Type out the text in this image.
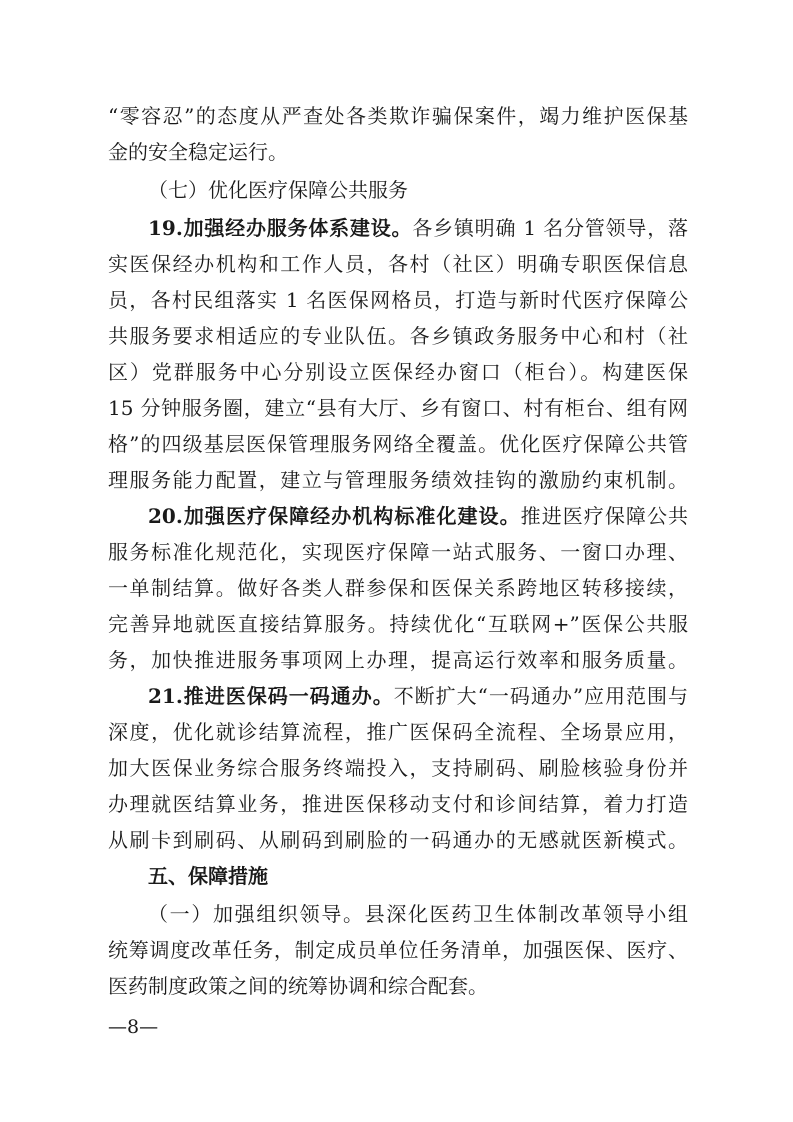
“零容忍”的态度从严查处各类欺诈骗保案件，竭力维护医保基
金的安全稳定运行。
（七）优化医疗保障公共服务
19.加强经办服务体系建设。各乡镇明确 1 名分管领导，落
实医保经办机构和工作人员，各村（社区）明确专职医保信息
员，各村民组落实 1 名医保网格员，打造与新时代医疗保障公
共服务要求相适应的专业队伍。各乡镇政务服务中心和村（社
区）党群服务中心分别设立医保经办窗口（柜台）。构建医保
15 分钟服务圈，建立“县有大厅、乡有窗口、村有柜台、组有网
格”的四级基层医保管理服务网络全覆盖。优化医疗保障公共管
理服务能力配置，建立与管理服务绩效挂钩的激励约束机制。
20.加强医疗保障经办机构标准化建设。推进医疗保障公共
服务标准化规范化，实现医疗保障一站式服务、一窗口办理、
一单制结算。做好各类人群参保和医保关系跨地区转移接续，
完善异地就医直接结算服务。持续优化“互联网+”医保公共服
务，加快推进服务事项网上办理，提高运行效率和服务质量。
21.推进医保码一码通办。不断扩大“一码通办”应用范围与
深度，优化就诊结算流程，推广医保码全流程、全场景应用，
加大医保业务综合服务终端投入，支持刷码、刷脸核验身份并
办理就医结算业务，推进医保移动支付和诊间结算，着力打造
从刷卡到刷码、从刷码到刷脸的一码通办的无感就医新模式。
五、保障措施
（一）加强组织领导。县深化医药卫生体制改革领导小组
统筹调度改革任务，制定成员单位任务清单，加强医保、医疗、
医药制度政策之间的统筹协调和综合配套。
—8—
